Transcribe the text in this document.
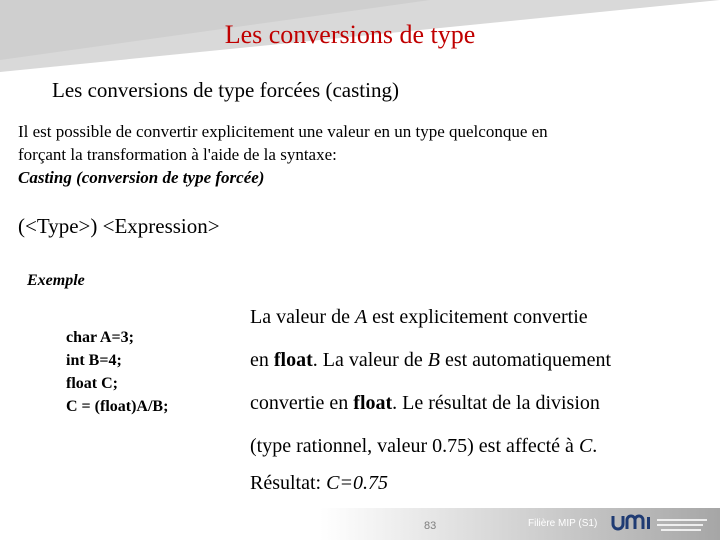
Les conversions de type
Les conversions de type forcées (casting)
Il est possible de convertir explicitement une valeur en un type quelconque en
forçant la transformation à l'aide de la syntaxe:
Casting (conversion de type forcée)
(<Type>) <Expression>
Exemple
char A=3;
int B=4;
float C;
C = (float)A/B;
La valeur de A est explicitement convertie
en float. La valeur de B est automatiquement
convertie en float. Le résultat de la division
(type rationnel, valeur 0.75) est affecté à C.
Résultat: C=0.75
83	Filière MIP (S1)
